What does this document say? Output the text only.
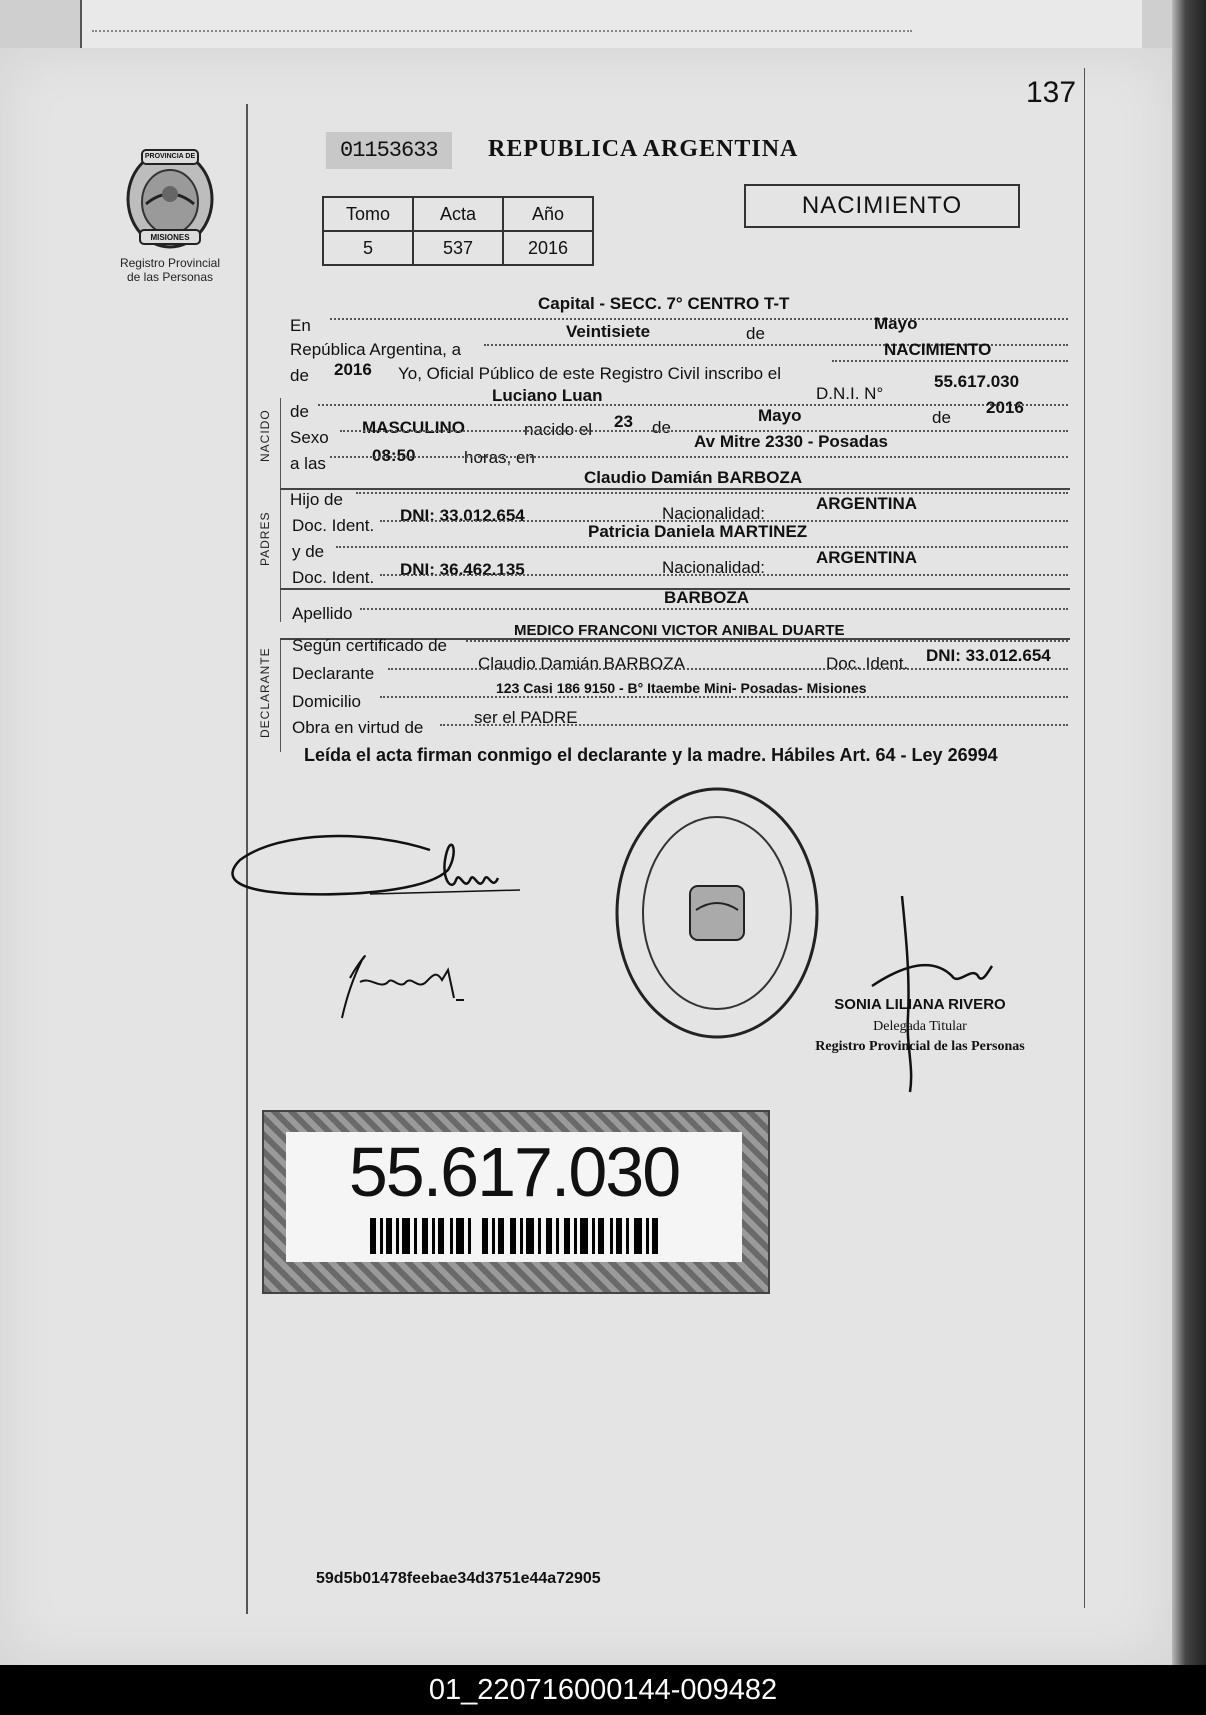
137
PROVINCIA DE
MISIONES
Registro Provincial
de las Personas
01153633	REPUBLICA ARGENTINA
Tomo	Acta	Año
5	537	2016
NACIMIENTO
Capital - SECC. 7° CENTRO T-T
En
República Argentina, a
Veintisiete	de
Mayo
de 2016 Yo, Oficial Público de este Registro Civil inscribo el
NACIMIENTO
NACIDO de
Luciano Luan	D.N.I. N°
55.617.030
Sexo
MASCULINO	nacido el 23 de
Mayo	de
2016
a las	08:50	horas, en
Av Mitre 2330 - Posadas
PADRES
Hijo de
Claudio Damián BARBOZA
Doc. Ident.
DNI: 33.012.654	Nacionalidad:
ARGENTINA
y de
Patricia Daniela MARTINEZ
Doc. Ident. DNI: 36.462.135	Nacionalidad:
ARGENTINA
Apellido
BARBOZA
DECLARANTE
Según certificado de
MEDICO FRANCONI VICTOR ANIBAL DUARTE
Declarante
Claudio Damián BARBOZA	Doc. Ident. DNI: 33.012.654
Domicilio
123 Casi 186 9150 - B° Itaembe Mini- Posadas- Misiones
Obra en virtud de
ser el PADRE
Leída el acta firman conmigo el declarante y la madre. Hábiles Art. 64 - Ley 26994
SONIA LILIANA RIVERO
Delegada Titular
Registro Provincial de las Personas
55.617.030
59d5b01478feebae34d3751e44a72905
01_220716000144-009482
